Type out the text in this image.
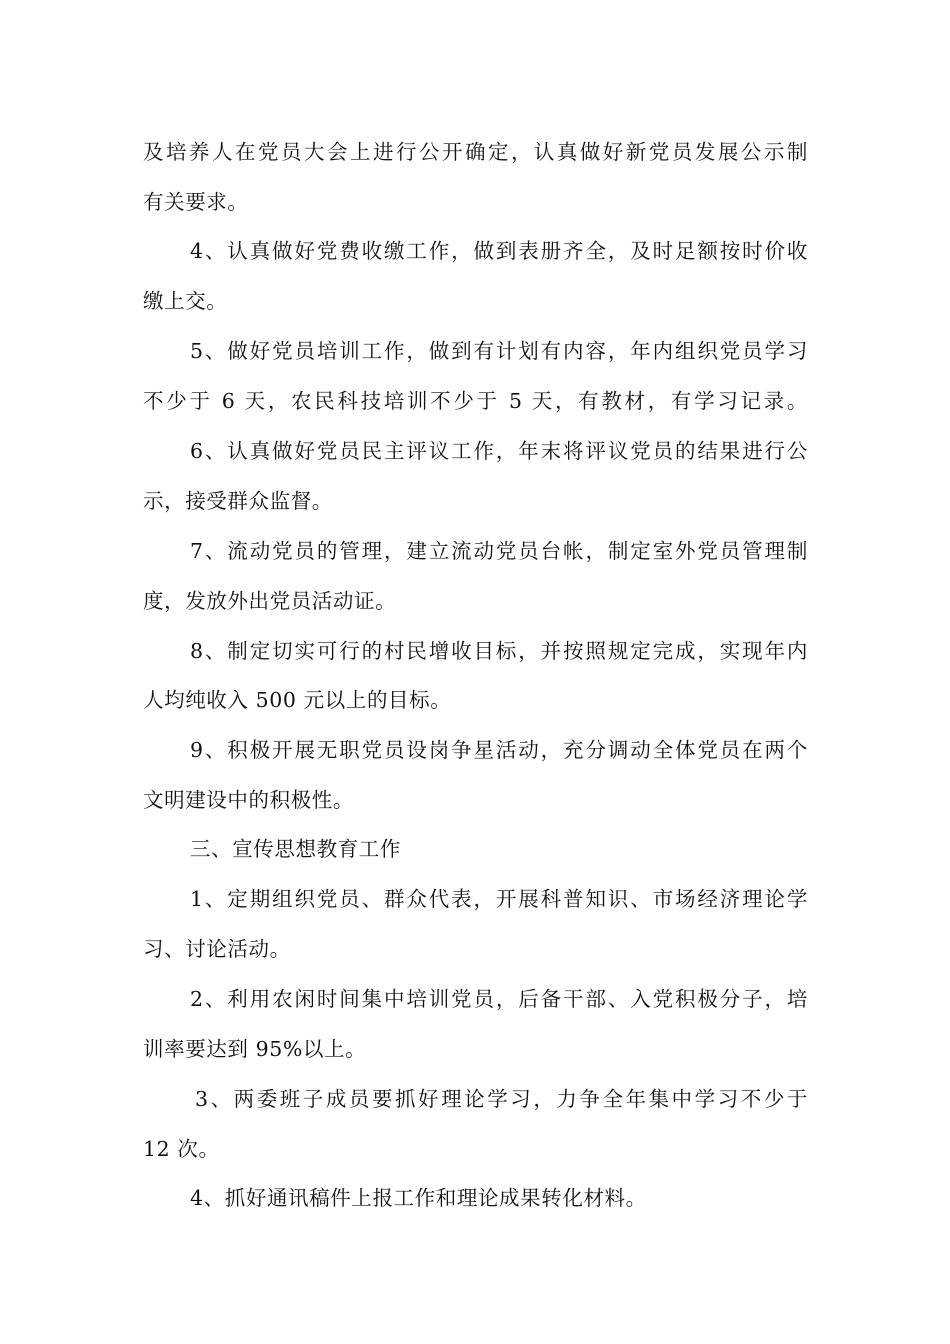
及培养人在党员大会上进行公开确定，认真做好新党员发展公示制
有关要求。
4、认真做好党费收缴工作，做到表册齐全，及时足额按时价收
缴上交。
5、做好党员培训工作，做到有计划有内容，年内组织党员学习
不少于 6 天，农民科技培训不少于 5 天，有教材，有学习记录。
6、认真做好党员民主评议工作，年末将评议党员的结果进行公
示，接受群众监督。
7、流动党员的管理，建立流动党员台帐，制定室外党员管理制
度，发放外出党员活动证。
8、制定切实可行的村民增收目标，并按照规定完成，实现年内
人均纯收入 500 元以上的目标。
9、积极开展无职党员设岗争星活动，充分调动全体党员在两个
文明建设中的积极性。
三、宣传思想教育工作
1、定期组织党员、群众代表，开展科普知识、市场经济理论学
习、讨论活动。
2、利用农闲时间集中培训党员，后备干部、入党积极分子，培
训率要达到 95%以上。
3、两委班子成员要抓好理论学习，力争全年集中学习不少于
12 次。
4、抓好通讯稿件上报工作和理论成果转化材料。
